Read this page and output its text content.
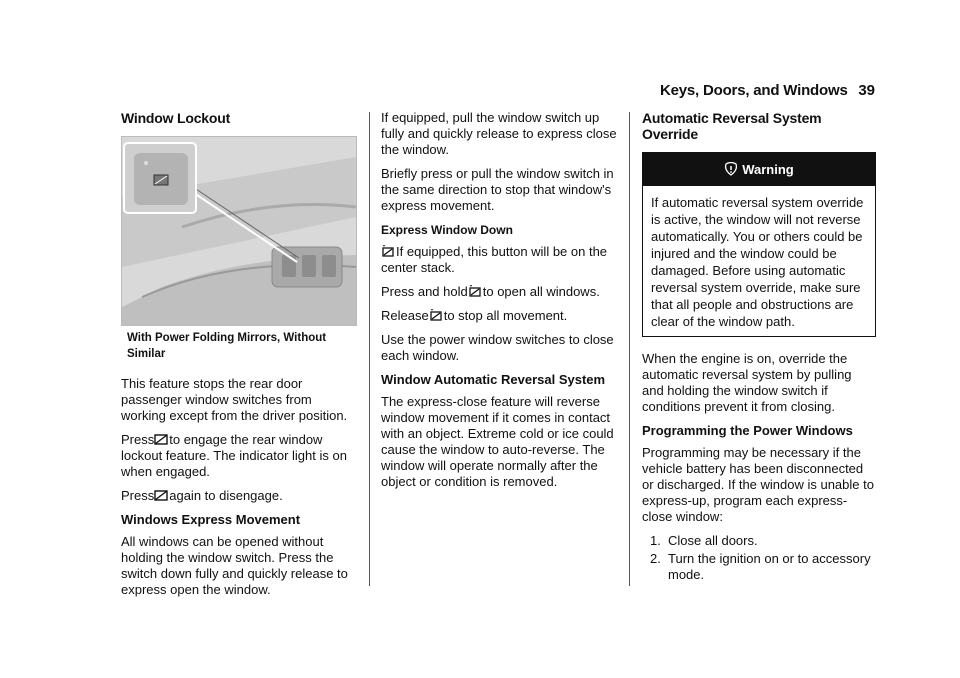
Keys, Doors, and Windows 39
Window Lockout
With Power Folding Mirrors, Without Similar

This feature stops the rear door passenger window switches from working except from the driver position.

Press to engage the rear window lockout feature. The indicator light is on when engaged.

Press again to disengage.

Windows Express Movement

All windows can be opened without holding the window switch. Press the switch down fully and quickly release to express open the window.

If equipped, pull the window switch up fully and quickly release to express close the window.

Briefly press or pull the window switch in the same direction to stop that window's express movement.

Express Window Down

If equipped, this button will be on the center stack.

Press and hold to open all windows.

Release to stop all movement.

Use the power window switches to close each window.

Window Automatic Reversal System

The express-close feature will reverse window movement if it comes in contact with an object. Extreme cold or ice could cause the window to auto-reverse. The window will operate normally after the object or condition is removed.

Automatic Reversal System Override
Warning
If automatic reversal system override is active, the window will not reverse automatically. You or others could be injured and the window could be damaged. Before using automatic reversal system override, make sure that all people and obstructions are clear of the window path.

When the engine is on, override the automatic reversal system by pulling and holding the window switch if conditions prevent it from closing.

Programming the Power Windows

Programming may be necessary if the vehicle battery has been disconnected or discharged. If the window is unable to express-up, program each express-close window:

1. Close all doors.
2. Turn the ignition on or to accessory mode.
